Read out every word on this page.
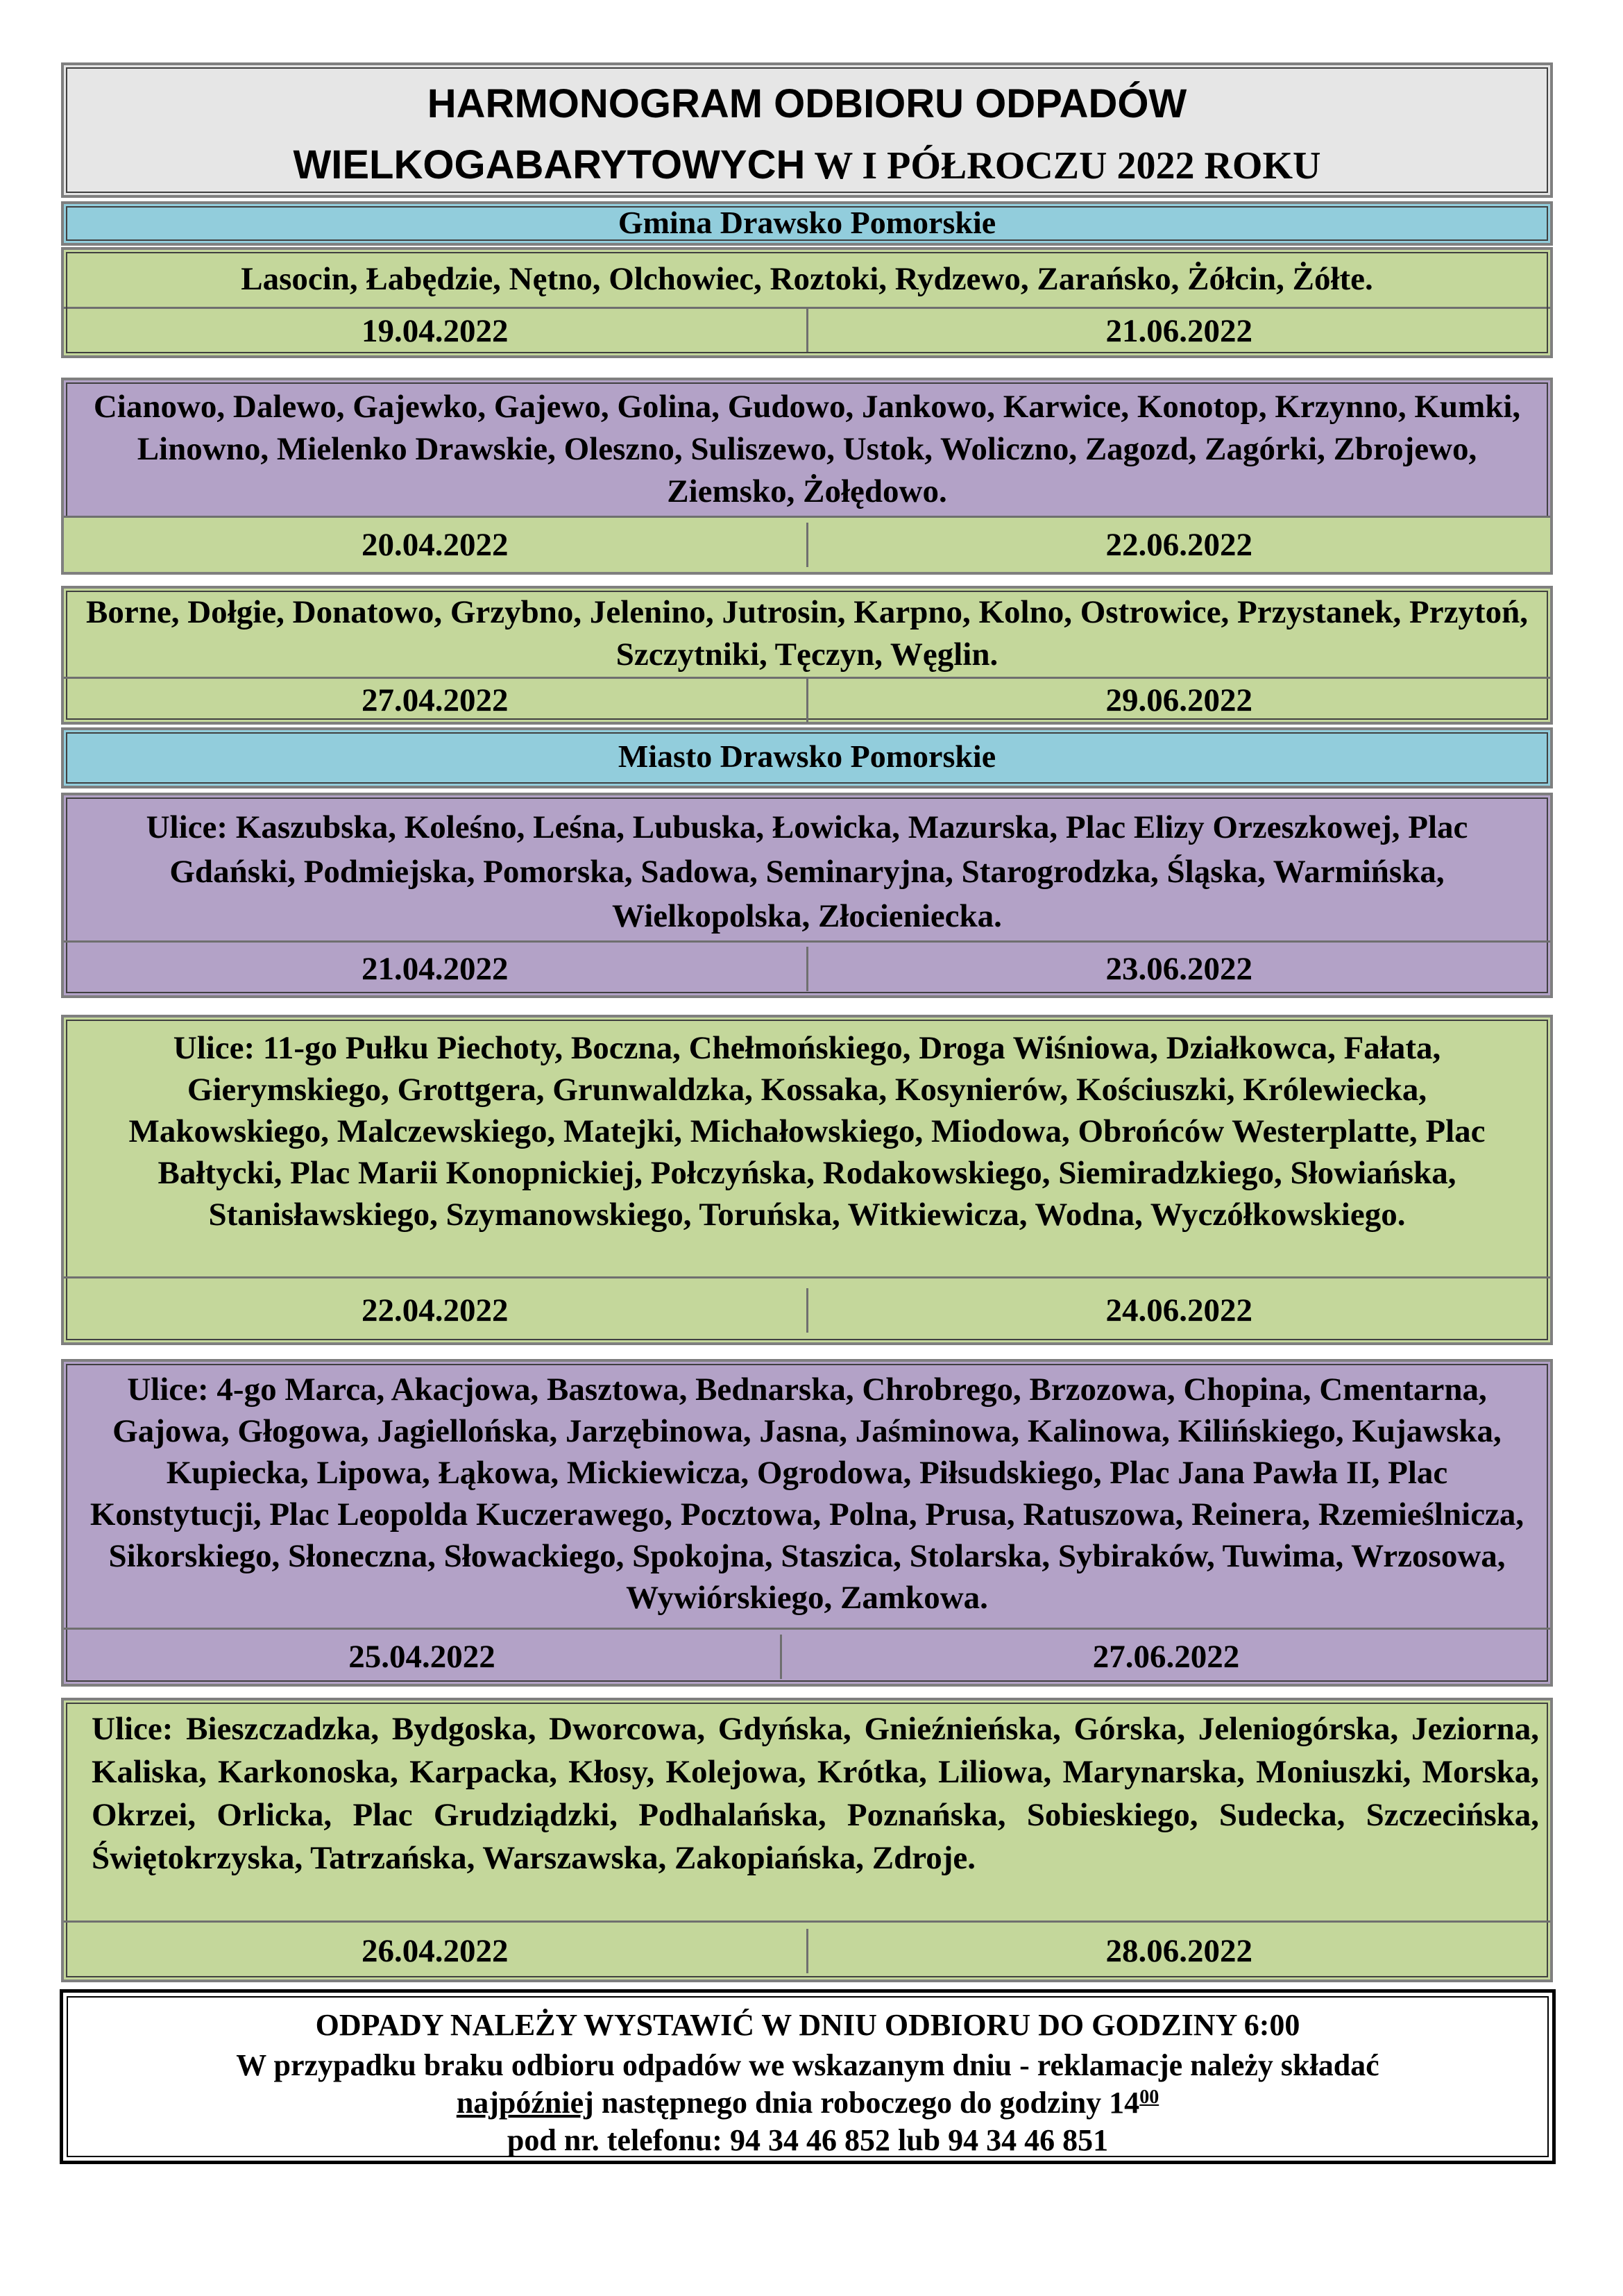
HARMONOGRAM ODBIORU ODPADÓW
WIELKOGABARYTOWYCH W I PÓŁROCZU 2022 ROKU
Gmina Drawsko Pomorskie
Lasocin, Łabędzie, Nętno, Olchowiec, Roztoki, Rydzewo, Zarańsko, Żółcin, Żółte.
19.04.2022	21.06.2022
Cianowo, Dalewo, Gajewko, Gajewo, Golina, Gudowo, Jankowo, Karwice, Konotop, Krzynno, Kumki, Linowno, Mielenko Drawskie, Oleszno, Suliszewo, Ustok, Woliczno, Zagozd, Zagórki, Zbrojewo, Ziemsko, Żołędowo.
20.04.2022	22.06.2022
Borne, Dołgie, Donatowo, Grzybno, Jelenino, Jutrosin, Karpno, Kolno, Ostrowice, Przystanek, Przytoń, Szczytniki, Tęczyn, Węglin.
27.04.2022	29.06.2022
Miasto Drawsko Pomorskie
Ulice: Kaszubska, Koleśno, Leśna, Lubuska, Łowicka, Mazurska, Plac Elizy Orzeszkowej, Plac Gdański, Podmiejska, Pomorska, Sadowa, Seminaryjna, Starogrodzka, Śląska, Warmińska, Wielkopolska, Złocieniecka.
21.04.2022	23.06.2022
Ulice: 11-go Pułku Piechoty, Boczna, Chełmońskiego, Droga Wiśniowa, Działkowca, Fałata, Gierymskiego, Grottgera, Grunwaldzka, Kossaka, Kosynierów, Kościuszki, Królewiecka, Makowskiego, Malczewskiego, Matejki, Michałowskiego, Miodowa, Obrońców Westerplatte, Plac Bałtycki, Plac Marii Konopnickiej, Połczyńska, Rodakowskiego, Siemiradzkiego, Słowiańska, Stanisławskiego, Szymanowskiego, Toruńska, Witkiewicza, Wodna, Wyczółkowskiego.
22.04.2022	24.06.2022
Ulice: 4-go Marca, Akacjowa, Basztowa, Bednarska, Chrobrego, Brzozowa, Chopina, Cmentarna, Gajowa, Głogowa, Jagiellońska, Jarzębinowa, Jasna, Jaśminowa, Kalinowa, Kilińskiego, Kujawska, Kupiecka, Lipowa, Łąkowa, Mickiewicza, Ogrodowa, Piłsudskiego, Plac Jana Pawła II, Plac Konstytucji, Plac Leopolda Kuczerawego, Pocztowa, Polna, Prusa, Ratuszowa, Reinera, Rzemieślnicza, Sikorskiego, Słoneczna, Słowackiego, Spokojna, Staszica, Stolarska, Sybiraków, Tuwima, Wrzosowa, Wywiórskiego, Zamkowa.
25.04.2022	27.06.2022
Ulice: Bieszczadzka, Bydgoska, Dworcowa, Gdyńska, Gnieźnieńska, Górska, Jeleniogórska, Jeziorna, Kaliska, Karkonoska, Karpacka, Kłosy, Kolejowa, Krótka, Liliowa, Marynarska, Moniuszki, Morska, Okrzei, Orlicka, Plac Grudziądzki, Podhalańska, Poznańska, Sobieskiego, Sudecka, Szczecińska, Świętokrzyska, Tatrzańska, Warszawska, Zakopiańska, Zdroje.
26.04.2022	28.06.2022
ODPADY NALEŻY WYSTAWIĆ W DNIU ODBIORU DO GODZINY 6:00
W przypadku braku odbioru odpadów we wskazanym dniu - reklamacje należy składać
najpóźniej następnego dnia roboczego do godziny $14^{00}$
pod nr. telefonu: 94 34 46 852 lub 94 34 46 851
